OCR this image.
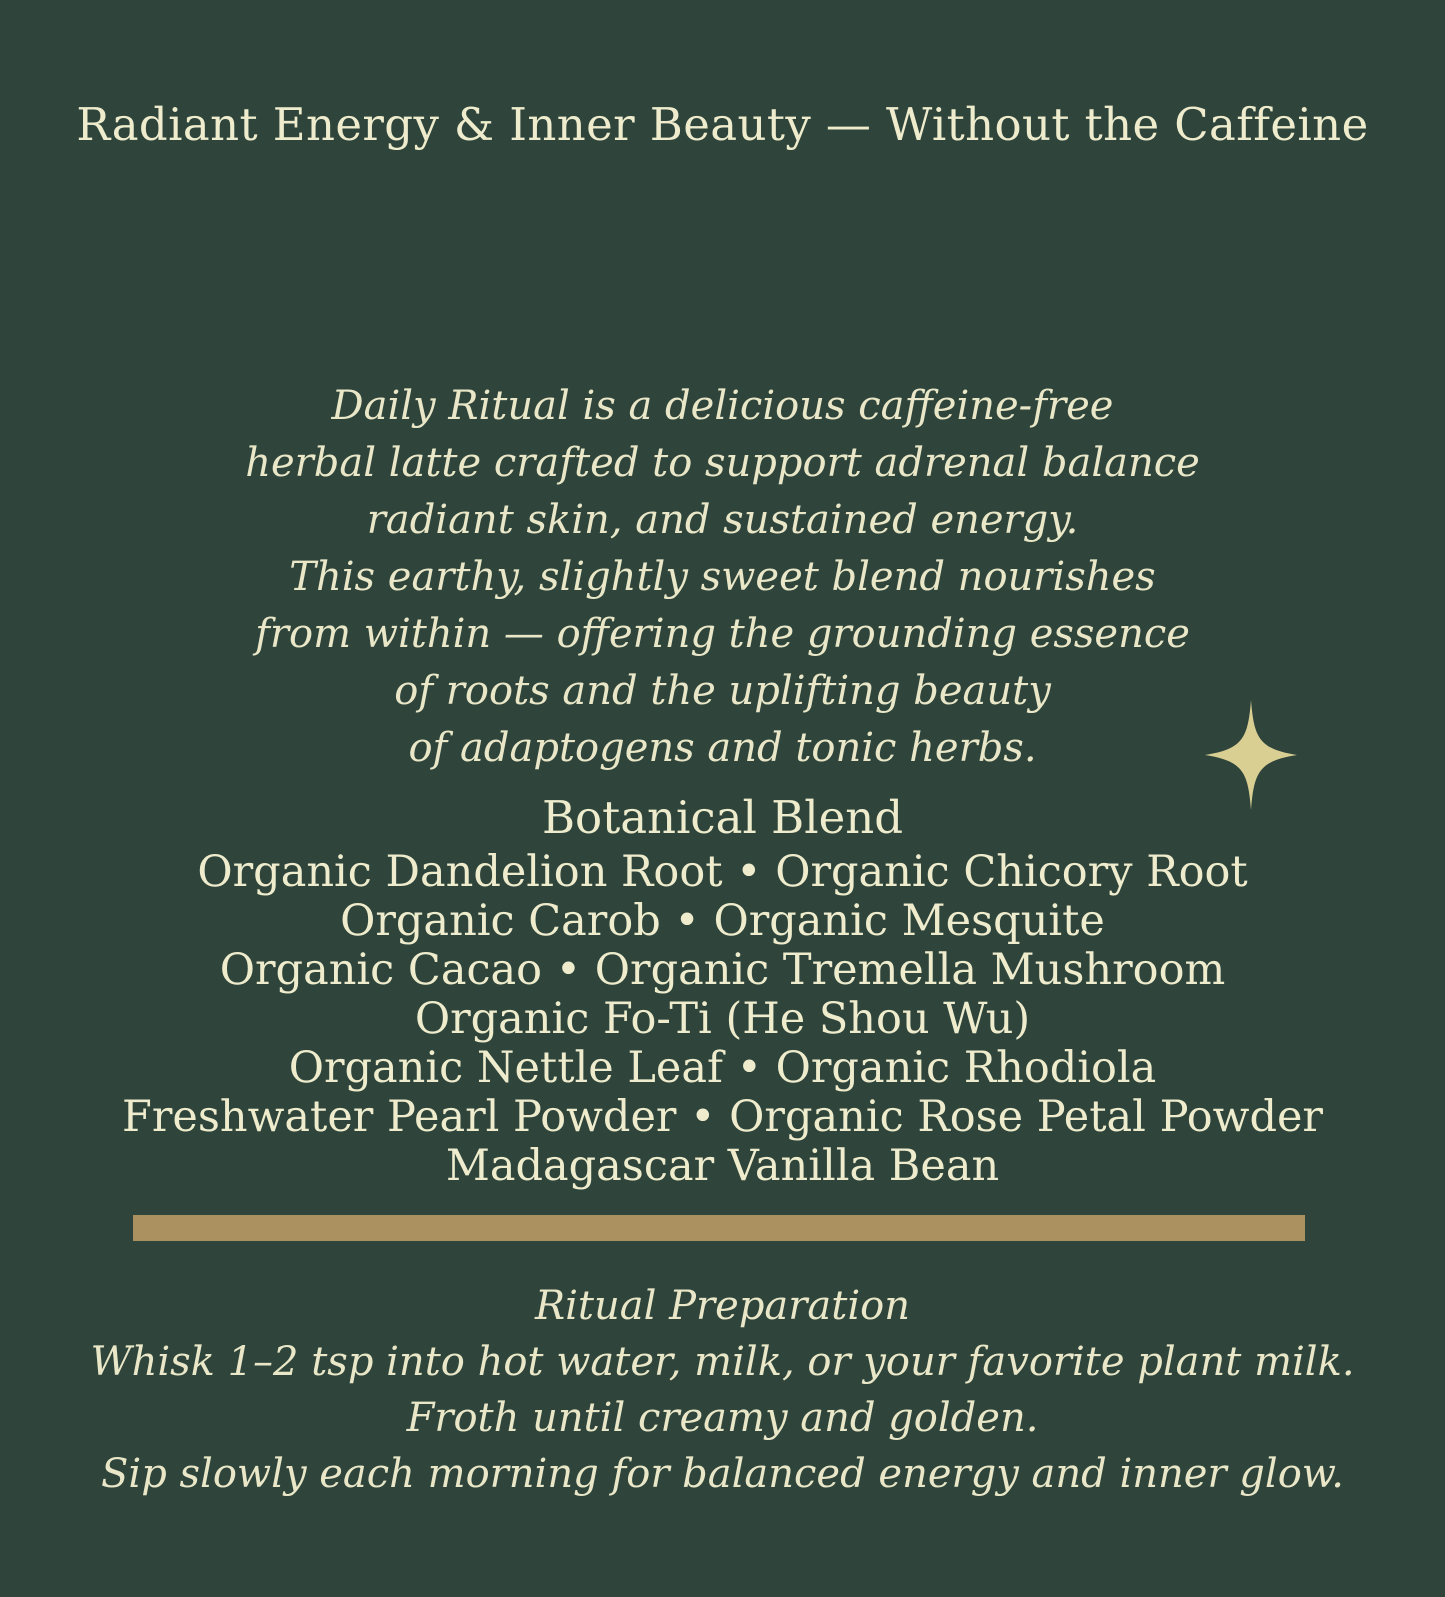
Radiant Energy & Inner Beauty — Without the Caffeine
Daily Ritual is a delicious caffeine-free
herbal latte crafted to support adrenal balance
radiant skin, and sustained energy.
This earthy, slightly sweet blend nourishes
from within — offering the grounding essence
of roots and the uplifting beauty
of adaptogens and tonic herbs.
Botanical Blend
Organic Dandelion Root • Organic Chicory Root
Organic Carob • Organic Mesquite
Organic Cacao • Organic Tremella Mushroom
Organic Fo-Ti (He Shou Wu)
Organic Nettle Leaf • Organic Rhodiola
Freshwater Pearl Powder • Organic Rose Petal Powder
Madagascar Vanilla Bean
Ritual Preparation
Whisk 1–2 tsp into hot water, milk, or your favorite plant milk.
Froth until creamy and golden.
Sip slowly each morning for balanced energy and inner glow.
